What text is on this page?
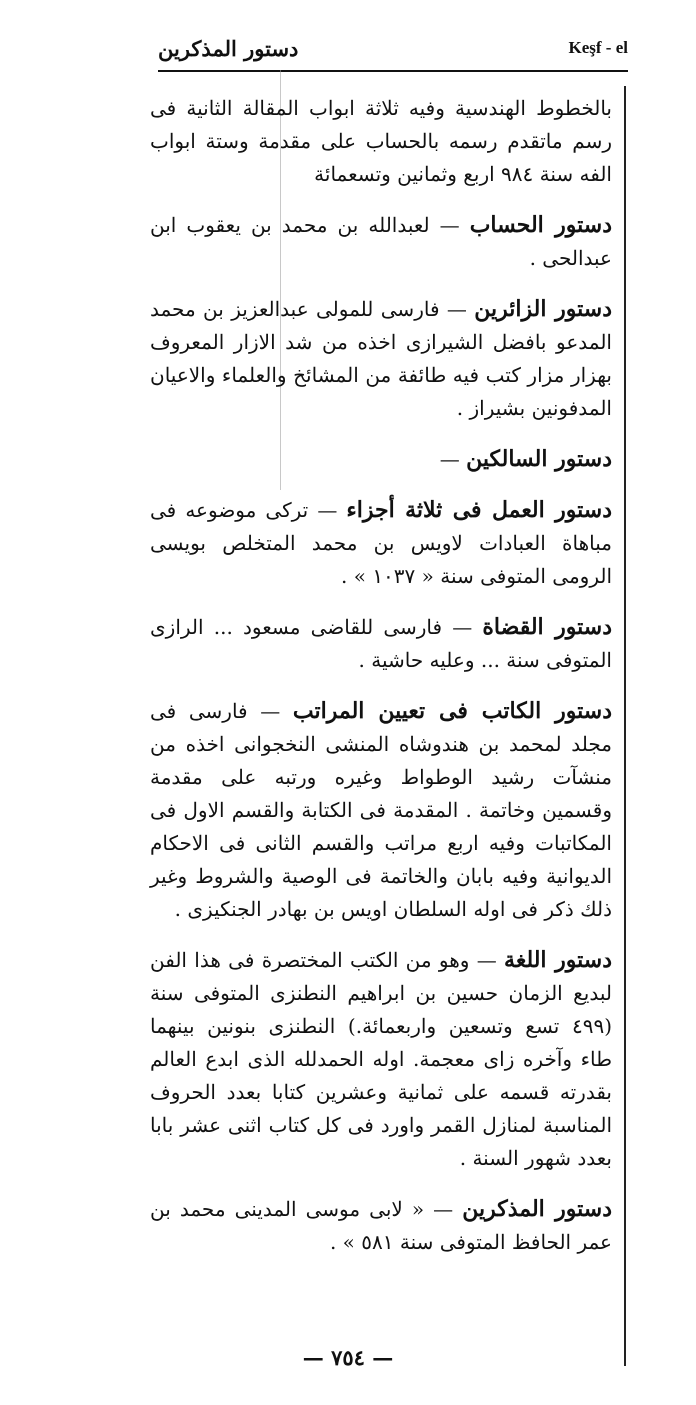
دستور المذكرين	Keşf - el

بالخطوط الهندسية وفيه ثلاثة ابواب المقالة الثانية فى رسم ماتقدم رسمه بالحساب على مقدمة وستة ابواب الفه سنة ٩٨٤ اربع وثمانين وتسعمائة

دستور الحساب — لعبدالله بن محمد بن يعقوب ابن عبدالحى .

دستور الزائرين — فارسى للمولى عبدالعزيز بن محمد المدعو بافضل الشيرازى اخذه من شد الازار المعروف بهزار مزار كتب فيه طائفة من المشائخ والعلماء والاعيان المدفونين بشيراز .

دستور السالكين —

دستور العمل فى ثلاثة أجزاء — تركى موضوعه فى مباهاة العبادات لاويس بن محمد المتخلص بويسى الرومى المتوفى سنة « ١٠٣٧ » .

دستور القضاة — فارسى للقاضى مسعود ... الرازى المتوفى سنة ... وعليه حاشية .

دستور الكاتب فى تعيين المراتب — فارسى فى مجلد لمحمد بن هندوشاه المنشى النخجوانى اخذه من منشآت رشيد الوطواط وغيره ورتبه على مقدمة وقسمين وخاتمة . المقدمة فى الكتابة والقسم الاول فى المكاتبات وفيه اربع مراتب والقسم الثانى فى الاحكام الديوانية وفيه بابان والخاتمة فى الوصية والشروط وغير ذلك ذكر فى اوله السلطان اويس بن بهادر الجنكيزى .

دستور اللغة — وهو من الكتب المختصرة فى هذا الفن لبديع الزمان حسين بن ابراهيم النطنزى المتوفى سنة (٤٩٩ تسع وتسعين واربعمائة.) النطنزى بنونين بينهما طاء وآخره زاى معجمة. اوله الحمدلله الذى ابدع العالم بقدرته قسمه على ثمانية وعشرين كتابا بعدد الحروف المناسبة لمنازل القمر واورد فى كل كتاب اثنى عشر بابا بعدد شهور السنة .

دستور المذكرين — « لابى موسى المدينى محمد بن عمر الحافظ المتوفى سنة ٥٨١ » .

— ٧٥٤ —
